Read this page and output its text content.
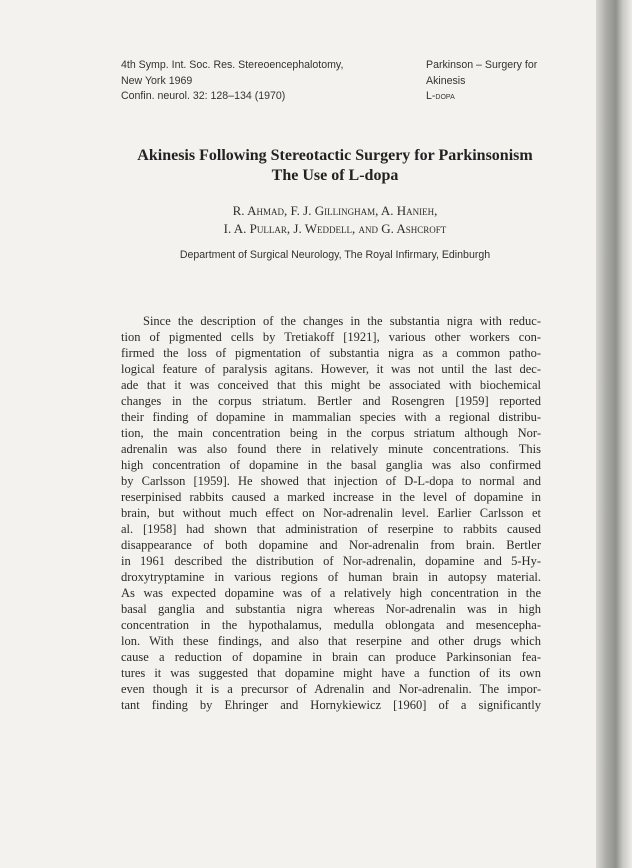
4th Symp. Int. Soc. Res. Stereoencephalotomy,
New York 1969
Confin. neurol. 32: 128–134 (1970)
Parkinson – Surgery for
Akinesis
L-dopa
Akinesis Following Stereotactic Surgery for Parkinsonism
The Use of L-dopa
R. Ahmad, F. J. Gillingham, A. Hanieh,
I. A. Pullar, J. Weddell, and G. Ashcroft
Department of Surgical Neurology, The Royal Infirmary, Edinburgh
Since the description of the changes in the substantia nigra with reduc-
tion of pigmented cells by Tretiakoff [1921], various other workers con-
firmed the loss of pigmentation of substantia nigra as a common patho-
logical feature of paralysis agitans. However, it was not until the last dec-
ade that it was conceived that this might be associated with biochemical
changes in the corpus striatum. Bertler and Rosengren [1959] reported
their finding of dopamine in mammalian species with a regional distribu-
tion, the main concentration being in the corpus striatum although Nor-
adrenalin was also found there in relatively minute concentrations. This
high concentration of dopamine in the basal ganglia was also confirmed
by Carlsson [1959]. He showed that injection of D-L-dopa to normal and
reserpinised rabbits caused a marked increase in the level of dopamine in
brain, but without much effect on Nor-adrenalin level. Earlier Carlsson et
al. [1958] had shown that administration of reserpine to rabbits caused
disappearance of both dopamine and Nor-adrenalin from brain. Bertler
in 1961 described the distribution of Nor-adrenalin, dopamine and 5-Hy-
droxytryptamine in various regions of human brain in autopsy material.
As was expected dopamine was of a relatively high concentration in the
basal ganglia and substantia nigra whereas Nor-adrenalin was in high
concentration in the hypothalamus, medulla oblongata and mesencepha-
lon. With these findings, and also that reserpine and other drugs which
cause a reduction of dopamine in brain can produce Parkinsonian fea-
tures it was suggested that dopamine might have a function of its own
even though it is a precursor of Adrenalin and Nor-adrenalin. The impor-
tant finding by Ehringer and Hornykiewicz [1960] of a significantly
